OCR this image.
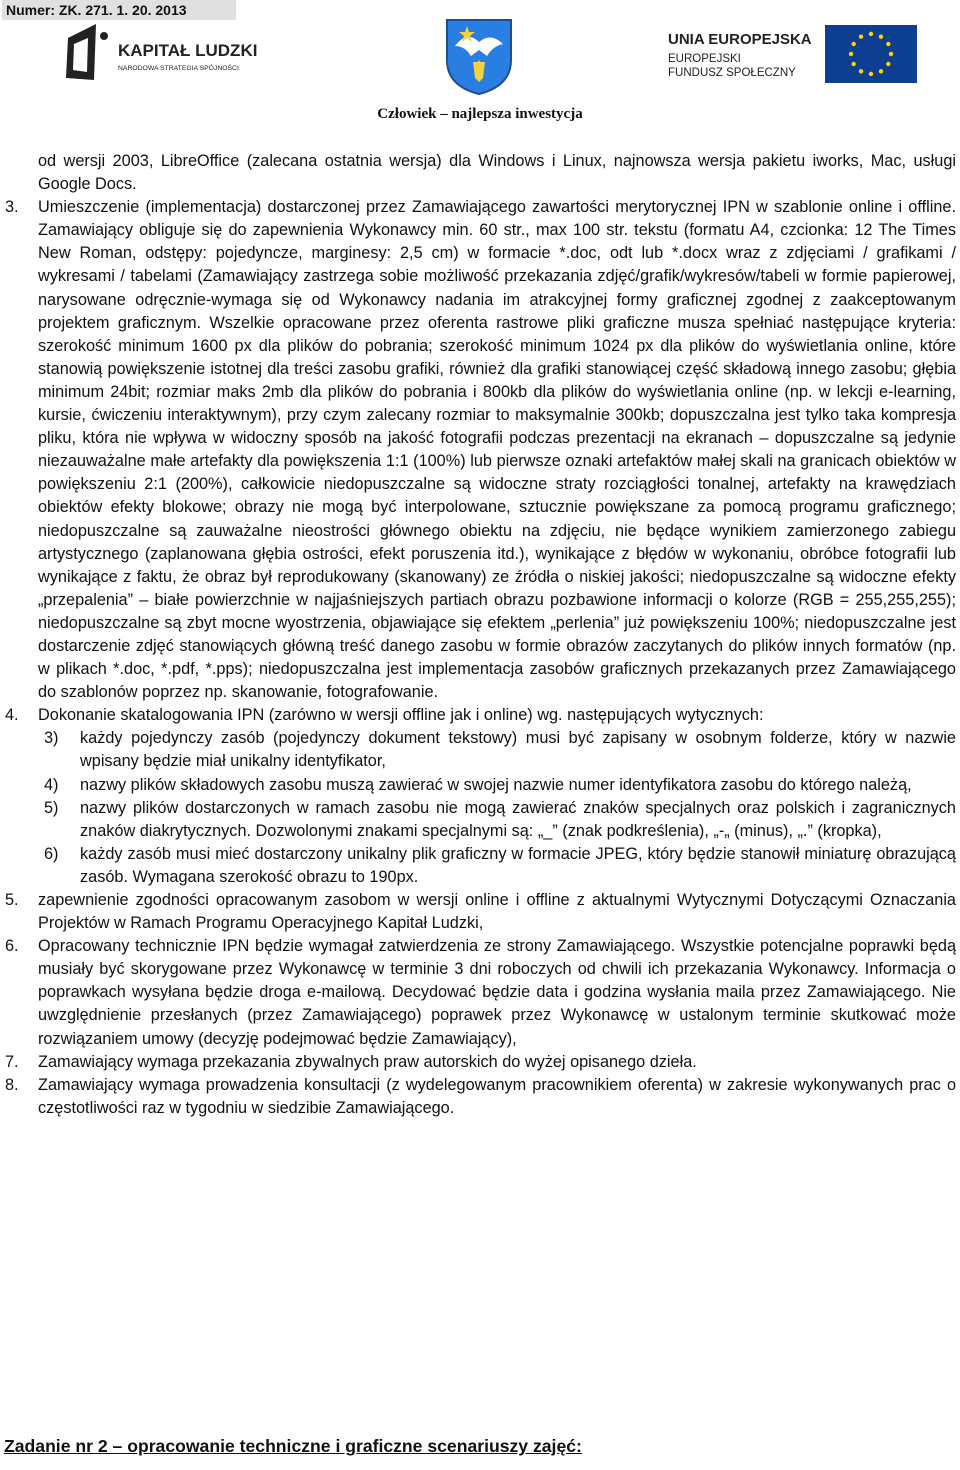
Numer: ZK. 271. 1. 20. 2013
KAPITAŁ LUDZKI
NARODOWA STRATEGIA SPÓJNOŚCI
UNIA EUROPEJSKA
EUROPEJSKI
FUNDUSZ SPOŁECZNY
Człowiek – najlepsza inwestycja
od wersji 2003, LibreOffice (zalecana ostatnia wersja) dla Windows i Linux, najnowsza wersja pakietu iworks, Mac, usługi Google Docs.
3. Umieszczenie (implementacja) dostarczonej przez Zamawiającego zawartości merytorycznej IPN w szablonie online i offline. Zamawiający obliguje się do zapewnienia Wykonawcy min. 60 str., max 100 str. tekstu (formatu A4, czcionka: 12 The Times New Roman, odstępy: pojedyncze, marginesy: 2,5 cm) w formacie *.doc, odt lub *.docx wraz z zdjęciami / grafikami / wykresami / tabelami (Zamawiający zastrzega sobie możliwość przekazania zdjęć/grafik/wykresów/tabeli w formie papierowej, narysowane odręcznie-wymaga się od Wykonawcy nadania im atrakcyjnej formy graficznej zgodnej z zaakceptowanym projektem graficznym. Wszelkie opracowane przez oferenta rastrowe pliki graficzne musza spełniać następujące kryteria: szerokość minimum 1600 px dla plików do pobrania; szerokość minimum 1024 px dla plików do wyświetlania online, które stanowią powiększenie istotnej dla treści zasobu grafiki, również dla grafiki stanowiącej część składową innego zasobu; głębia minimum 24bit; rozmiar maks 2mb dla plików do pobrania i 800kb dla plików do wyświetlania online (np. w lekcji e-learning, kursie, ćwiczeniu interaktywnym), przy czym zalecany rozmiar to maksymalnie 300kb; dopuszczalna jest tylko taka kompresja pliku, która nie wpływa w widoczny sposób na jakość fotografii podczas prezentacji na ekranach – dopuszczalne są jedynie niezauważalne małe artefakty dla powiększenia 1:1 (100%) lub pierwsze oznaki artefaktów małej skali na granicach obiektów w powiększeniu 2:1 (200%), całkowicie niedopuszczalne są widoczne straty rozciągłości tonalnej, artefakty na krawędziach obiektów efekty blokowe; obrazy nie mogą być interpolowane, sztucznie powiększane za pomocą programu graficznego; niedopuszczalne są zauważalne nieostrości głównego obiektu na zdjęciu, nie będące wynikiem zamierzonego zabiegu artystycznego (zaplanowana głębia ostrości, efekt poruszenia itd.), wynikające z błędów w wykonaniu, obróbce fotografii lub wynikające z faktu, że obraz był reprodukowany (skanowany) ze źródła o niskiej jakości; niedopuszczalne są widoczne efekty „przepalenia” – białe powierzchnie w najjaśniejszych partiach obrazu pozbawione informacji o kolorze (RGB = 255,255,255); niedopuszczalne są zbyt mocne wyostrzenia, objawiające się efektem „perlenia” już powiększeniu 100%; niedopuszczalne jest dostarczenie zdjęć stanowiących główną treść danego zasobu w formie obrazów zaczytanych do plików innych formatów (np. w plikach *.doc, *.pdf, *.pps); niedopuszczalna jest implementacja zasobów graficznych przekazanych przez Zamawiającego do szablonów poprzez np. skanowanie, fotografowanie.
4. Dokonanie skatalogowania IPN (zarówno w wersji offline jak i online) wg. następujących wytycznych:
3) każdy pojedynczy zasób (pojedynczy dokument tekstowy) musi być zapisany w osobnym folderze, który w nazwie wpisany będzie miał unikalny identyfikator,
4) nazwy plików składowych zasobu muszą zawierać w swojej nazwie numer identyfikatora zasobu do którego należą,
5) nazwy plików dostarczonych w ramach zasobu nie mogą zawierać znaków specjalnych oraz polskich i zagranicznych znaków diakrytycznych. Dozwolonymi znakami specjalnymi są: „_” (znak podkreślenia), „-„ (minus), „.” (kropka),
6) każdy zasób musi mieć dostarczony unikalny plik graficzny w formacie JPEG, który będzie stanowił miniaturę obrazującą zasób. Wymagana szerokość obrazu to 190px.
5. zapewnienie zgodności opracowanym zasobom w wersji online i offline z aktualnymi Wytycznymi Dotyczącymi Oznaczania Projektów w Ramach Programu Operacyjnego Kapitał Ludzki,
6. Opracowany technicznie IPN będzie wymagał zatwierdzenia ze strony Zamawiającego. Wszystkie potencjalne poprawki będą musiały być skorygowane przez Wykonawcę w terminie 3 dni roboczych od chwili ich przekazania Wykonawcy. Informacja o poprawkach wysyłana będzie droga e-mailową. Decydować będzie data i godzina wysłania maila przez Zamawiającego. Nie uwzględnienie przesłanych (przez Zamawiającego) poprawek przez Wykonawcę w ustalonym terminie skutkować może rozwiązaniem umowy (decyzję podejmować będzie Zamawiający),
7. Zamawiający wymaga przekazania zbywalnych praw autorskich do wyżej opisanego dzieła.
8. Zamawiający wymaga prowadzenia konsultacji (z wydelegowanym pracownikiem oferenta) w zakresie wykonywanych prac o częstotliwości raz w tygodniu w siedzibie Zamawiającego.
Zadanie nr 2 – opracowanie techniczne i graficzne scenariuszy zajęć:
